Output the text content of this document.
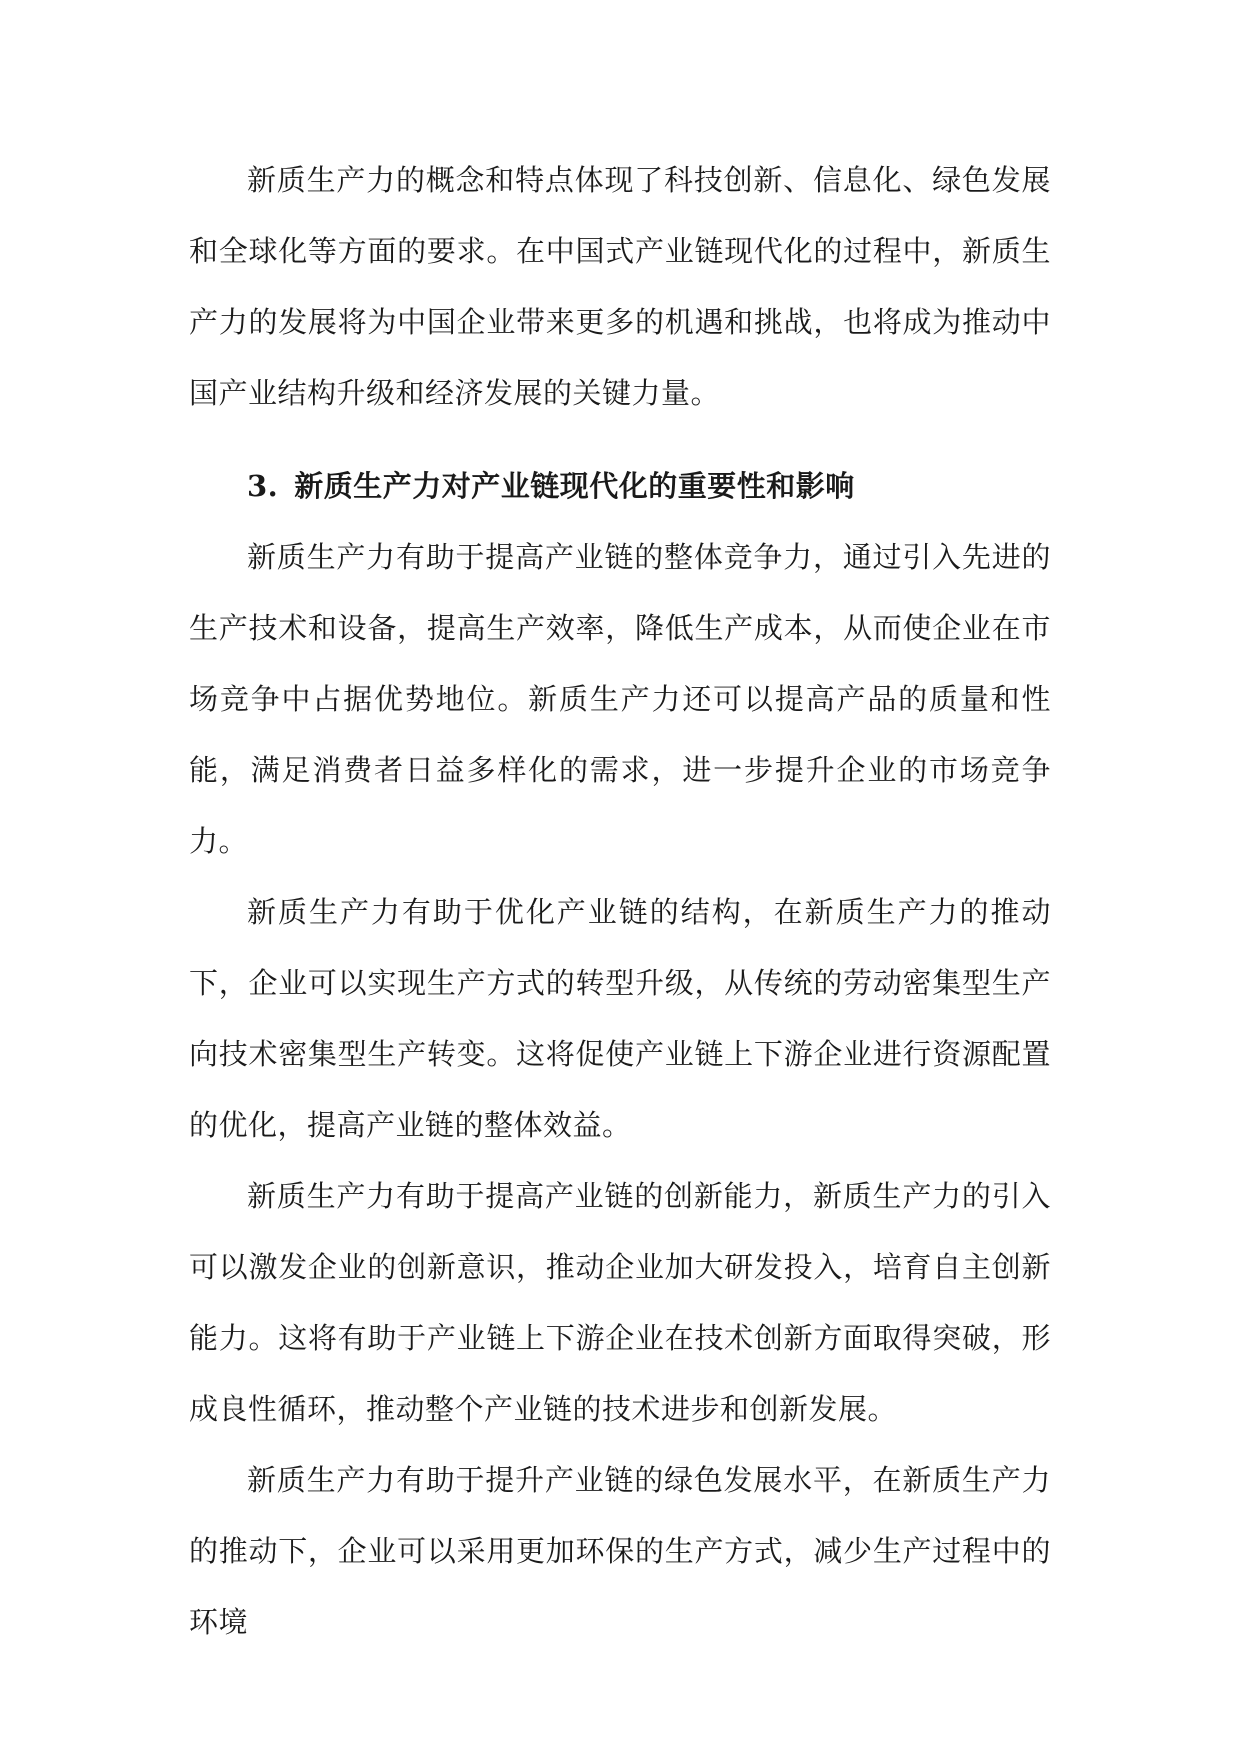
新质生产力的概念和特点体现了科技创新、信息化、绿色发展和全球化等方面的要求。在中国式产业链现代化的过程中，新质生产力的发展将为中国企业带来更多的机遇和挑战，也将成为推动中国产业结构升级和经济发展的关键力量。

3. 新质生产力对产业链现代化的重要性和影响

新质生产力有助于提高产业链的整体竞争力，通过引入先进的生产技术和设备，提高生产效率，降低生产成本，从而使企业在市场竞争中占据优势地位。新质生产力还可以提高产品的质量和性能，满足消费者日益多样化的需求，进一步提升企业的市场竞争力。

新质生产力有助于优化产业链的结构，在新质生产力的推动下，企业可以实现生产方式的转型升级，从传统的劳动密集型生产向技术密集型生产转变。这将促使产业链上下游企业进行资源配置的优化，提高产业链的整体效益。

新质生产力有助于提高产业链的创新能力，新质生产力的引入可以激发企业的创新意识，推动企业加大研发投入，培育自主创新能力。这将有助于产业链上下游企业在技术创新方面取得突破，形成良性循环，推动整个产业链的技术进步和创新发展。

新质生产力有助于提升产业链的绿色发展水平，在新质生产力的推动下，企业可以采用更加环保的生产方式，减少生产过程中的环境
